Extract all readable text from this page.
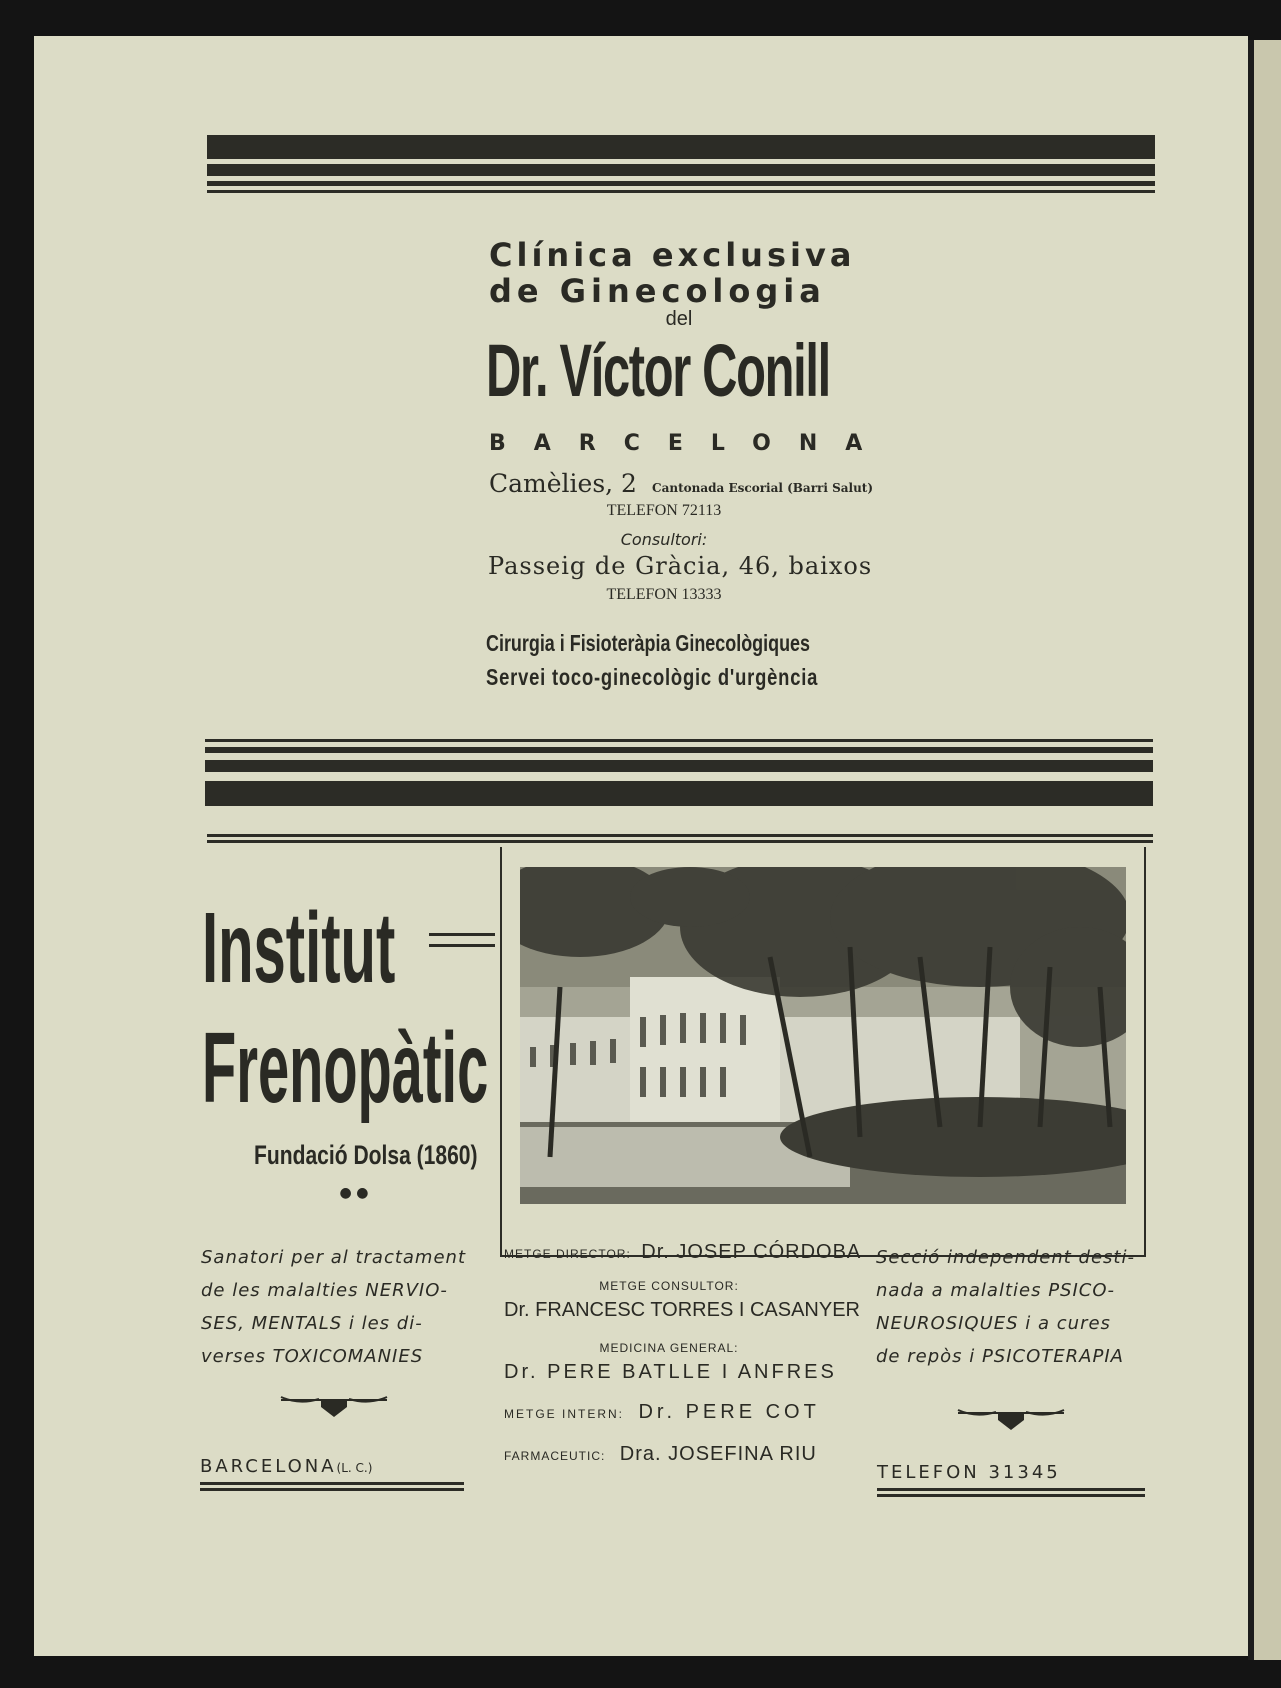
Clínica exclusiva
de Ginecologia
del
Dr. Víctor Conill
BARCELONA
Camèlies, 2 Cantonada Escorial (Barri Salut)
TELEFON 72113
Consultori:
Passeig de Gràcia, 46, baixos
TELEFON 13333
Cirurgia i Fisioteràpia Ginecològiques
Servei toco-ginecològic d'urgència
Institut
Frenopàtic
Fundació Dolsa (1860)
● ●
Sanatori per al tractament
de les malalties NERVIO-
SES, MENTALS i les di-
verses TOXICOMANIES
BARCELONA(L. C.)
METGE DIRECTOR: Dr. JOSEP CÓRDOBA
METGE CONSULTOR:
Dr. FRANCESC TORRES I CASANYER
MEDICINA GENERAL:
Dr. PERE BATLLE I ANFRES
METGE INTERN: Dr. PERE COT
FARMACEUTIC: Dra. JOSEFINA RIU
Secció independent desti-
nada a malalties PSICO-
NEUROSIQUES i a cures
de repòs i PSICOTERAPIA
TELEFON 31345
